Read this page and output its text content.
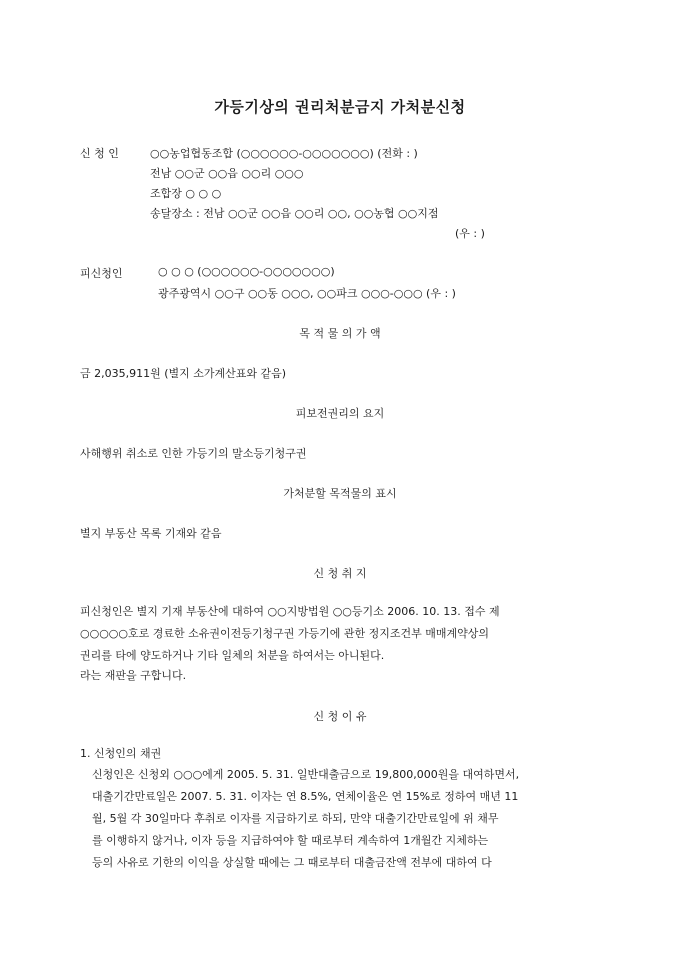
가등기상의 권리처분금지 가처분신청
신 청 인	○○농업협동조합 (○○○○○○-○○○○○○○) (전화 : )
전남 ○○군 ○○읍 ○○리 ○○○
조합장 ○ ○ ○
송달장소 : 전남 ○○군 ○○읍 ○○리 ○○, ○○농협 ○○지점
(우 : )
피신청인	○ ○ ○ (○○○○○○-○○○○○○○)
광주광역시 ○○구 ○○동 ○○○, ○○파크 ○○○-○○○ (우 : )
목 적 물 의 가 액
금 2,035,911원 (별지 소가계산표와 같음)
피보전권리의 요지
사해행위 취소로 인한 가등기의 말소등기청구권
가처분할 목적물의 표시
별지 부동산 목록 기재와 같음
신 청 취 지
피신청인은 별지 기재 부동산에 대하여 ○○지방법원 ○○등기소 2006. 10. 13. 접수 제
○○○○○호로 경료한 소유권이전등기청구권 가등기에 관한 정지조건부 매매계약상의
권리를 타에 양도하거나 기타 일체의 처분을 하여서는 아니된다.
라는 재판을 구합니다.
신 청 이 유
1. 신청인의 채권
신청인은 신청외 ○○○에게 2005. 5. 31. 일반대출금으로 19,800,000원을 대여하면서,
대출기간만료일은 2007. 5. 31. 이자는 연 8.5%, 연체이율은 연 15%로 정하여 매년 11
월, 5월 각 30일마다 후취로 이자를 지급하기로 하되, 만약 대출기간만료일에 위 채무
를 이행하지 않거나, 이자 등을 지급하여야 할 때로부터 계속하여 1개월간 지체하는
등의 사유로 기한의 이익을 상실할 때에는 그 때로부터 대출금잔액 전부에 대하여 다
